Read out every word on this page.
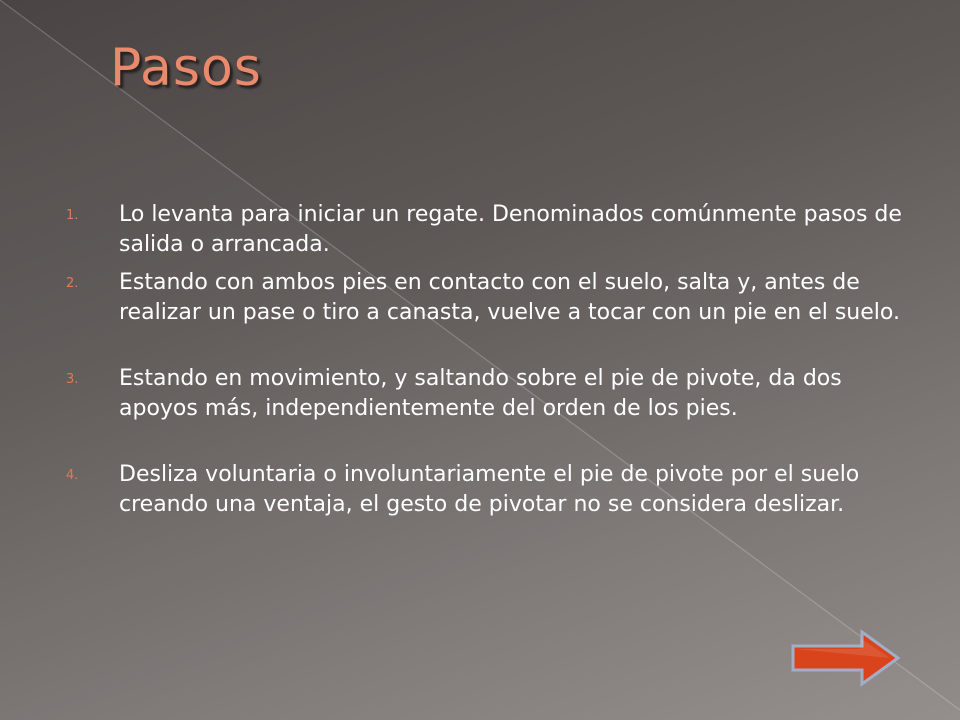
Pasos
1. Lo levanta para iniciar un regate. Denominados comúnmente pasos de salida o arrancada.
2. Estando con ambos pies en contacto con el suelo, salta y, antes de realizar un pase o tiro a canasta, vuelve a tocar con un pie en el suelo.
3. Estando en movimiento, y saltando sobre el pie de pivote, da dos apoyos más, independientemente del orden de los pies.
4. Desliza voluntaria o involuntariamente el pie de pivote por el suelo creando una ventaja, el gesto de pivotar no se considera deslizar.
